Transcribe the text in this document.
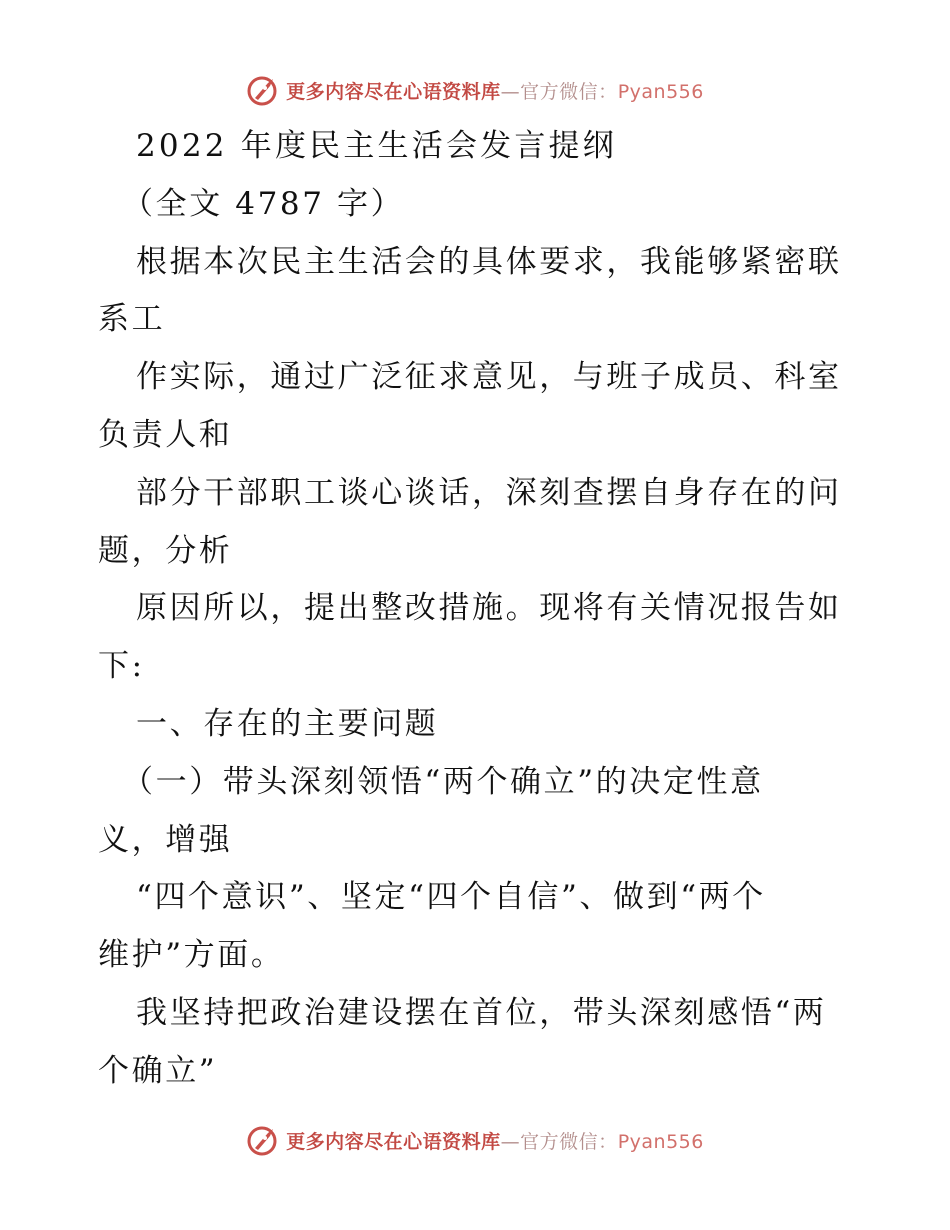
更多内容尽在心语资料库—官方微信：Pyan556
2022 年度民主生活会发言提纲
（全文 4787 字）
根据本次民主生活会的具体要求，我能够紧密联
系工
作实际，通过广泛征求意见，与班子成员、科室
负责人和
部分干部职工谈心谈话，深刻查摆自身存在的问
题，分析
原因所以，提出整改措施。现将有关情况报告如
下:
一、存在的主要问题
（一）带头深刻领悟“两个确立”的决定性意
义，增强
“四个意识”、坚定“四个自信”、做到“两个
维护”方面。
我坚持把政治建设摆在首位，带头深刻感悟“两
个确立”
更多内容尽在心语资料库—官方微信：Pyan556
